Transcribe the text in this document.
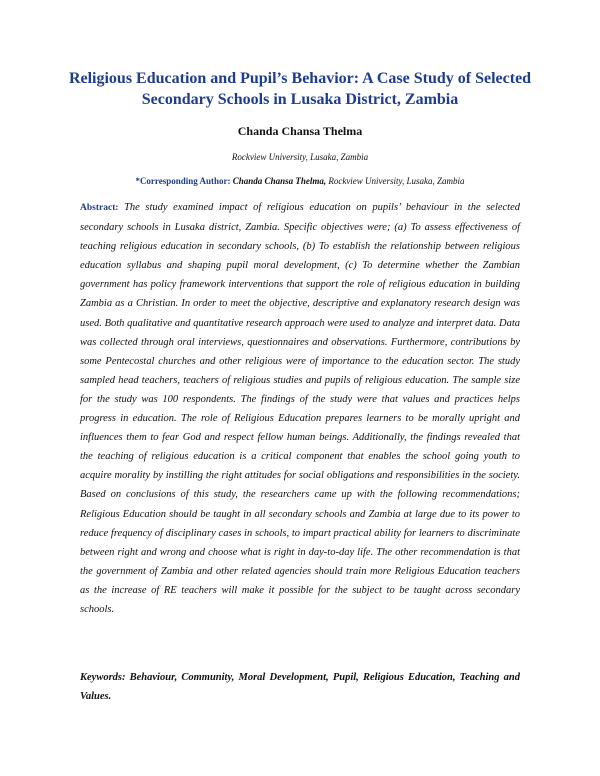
Religious Education and Pupil’s Behavior: A Case Study of Selected Secondary Schools in Lusaka District, Zambia
Chanda Chansa Thelma
Rockview University, Lusaka, Zambia
*Corresponding Author: Chanda Chansa Thelma, Rockview University, Lusaka, Zambia

Abstract: The study examined impact of religious education on pupils’ behaviour in the selected secondary schools in Lusaka district, Zambia. Specific objectives were; (a) To assess effectiveness of teaching religious education in secondary schools, (b) To establish the relationship between religious education syllabus and shaping pupil moral development, (c) To determine whether the Zambian government has policy framework interventions that support the role of religious education in building Zambia as a Christian. In order to meet the objective, descriptive and explanatory research design was used. Both qualitative and quantitative research approach were used to analyze and interpret data. Data was collected through oral interviews, questionnaires and observations. Furthermore, contributions by some Pentecostal churches and other religious were of importance to the education sector. The study sampled head teachers, teachers of religious studies and pupils of religious education. The sample size for the study was 100 respondents. The findings of the study were that values and practices helps progress in education. The role of Religious Education prepares learners to be morally upright and influences them to fear God and respect fellow human beings. Additionally, the findings revealed that the teaching of religious education is a critical component that enables the school going youth to acquire morality by instilling the right attitudes for social obligations and responsibilities in the society. Based on conclusions of this study, the researchers came up with the following recommendations; Religious Education should be taught in all secondary schools and Zambia at large due to its power to reduce frequency of disciplinary cases in schools, to impart practical ability for learners to discriminate between right and wrong and choose what is right in day-to-day life. The other recommendation is that the government of Zambia and other related agencies should train more Religious Education teachers as the increase of RE teachers will make it possible for the subject to be taught across secondary schools.

Keywords: Behaviour, Community, Moral Development, Pupil, Religious Education, Teaching and Values.
